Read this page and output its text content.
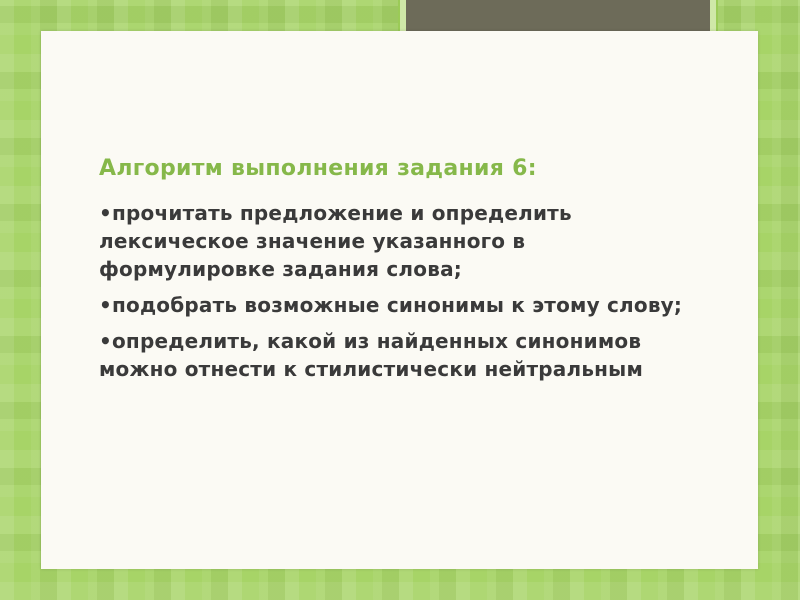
Алгоритм выполнения задания 6:
• прочитать предложение и определить лексическое значение указанного в формулировке задания слова;
• подобрать возможные синонимы к этому слову;
• определить, какой из найденных синонимов можно отнести к стилистически нейтральным
